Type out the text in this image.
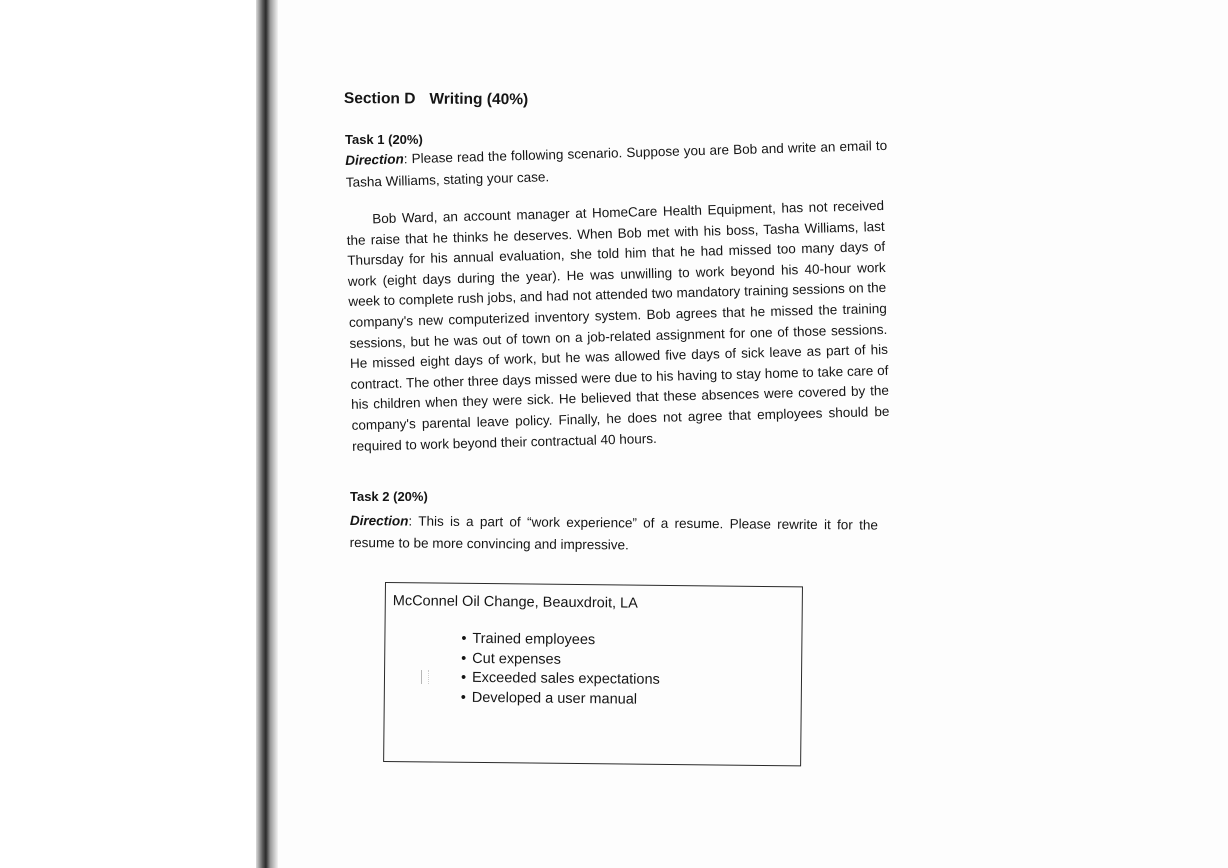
Section D Writing (40%)
Task 1 (20%)
Direction: Please read the following scenario. Suppose you are Bob and write an email to Tasha Williams, stating your case.
Bob Ward, an account manager at HomeCare Health Equipment, has not received the raise that he thinks he deserves. When Bob met with his boss, Tasha Williams, last Thursday for his annual evaluation, she told him that he had missed too many days of work (eight days during the year). He was unwilling to work beyond his 40-hour work week to complete rush jobs, and had not attended two mandatory training sessions on the company's new computerized inventory system. Bob agrees that he missed the training sessions, but he was out of town on a job-related assignment for one of those sessions. He missed eight days of work, but he was allowed five days of sick leave as part of his contract. The other three days missed were due to his having to stay home to take care of his children when they were sick. He believed that these absences were covered by the company's parental leave policy. Finally, he does not agree that employees should be required to work beyond their contractual 40 hours.
Task 2 (20%)
Direction: This is a part of “work experience” of a resume. Please rewrite it for the resume to be more convincing and impressive.
McConnel Oil Change, Beauxdroit, LA
• Trained employees
• Cut expenses
• Exceeded sales expectations
• Developed a user manual
